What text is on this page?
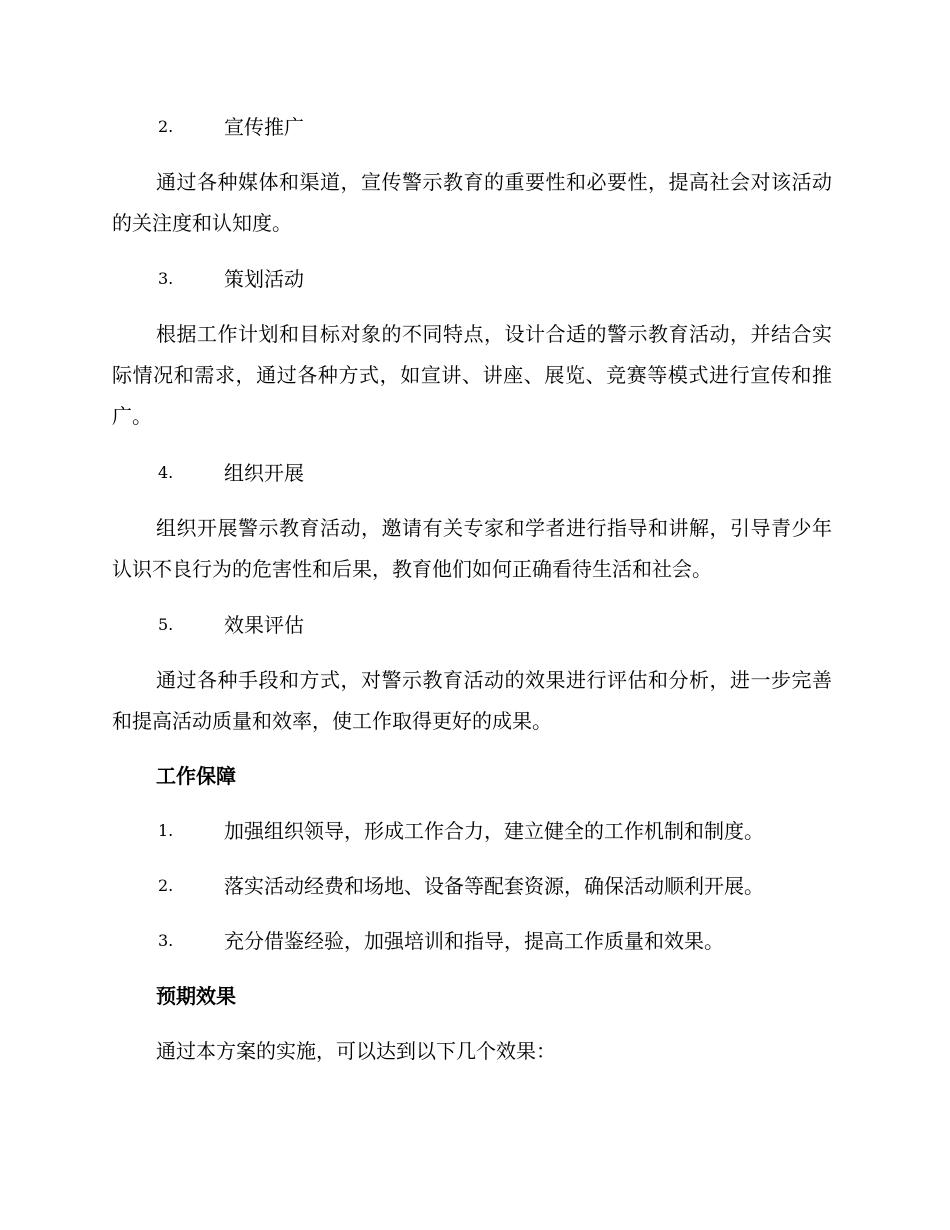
2.	宣传推广

通过各种媒体和渠道，宣传警示教育的重要性和必要性，提高社会对该活动的关注度和认知度。

3.	策划活动

根据工作计划和目标对象的不同特点，设计合适的警示教育活动，并结合实际情况和需求，通过各种方式，如宣讲、讲座、展览、竞赛等模式进行宣传和推广。

4.	组织开展

组织开展警示教育活动，邀请有关专家和学者进行指导和讲解，引导青少年认识不良行为的危害性和后果，教育他们如何正确看待生活和社会。

5.	效果评估

通过各种手段和方式，对警示教育活动的效果进行评估和分析，进一步完善和提高活动质量和效率，使工作取得更好的成果。

工作保障
1.	加强组织领导，形成工作合力，建立健全的工作机制和制度。
2.	落实活动经费和场地、设备等配套资源，确保活动顺利开展。
3.	充分借鉴经验，加强培训和指导，提高工作质量和效果。
预期效果

通过本方案的实施，可以达到以下几个效果：
